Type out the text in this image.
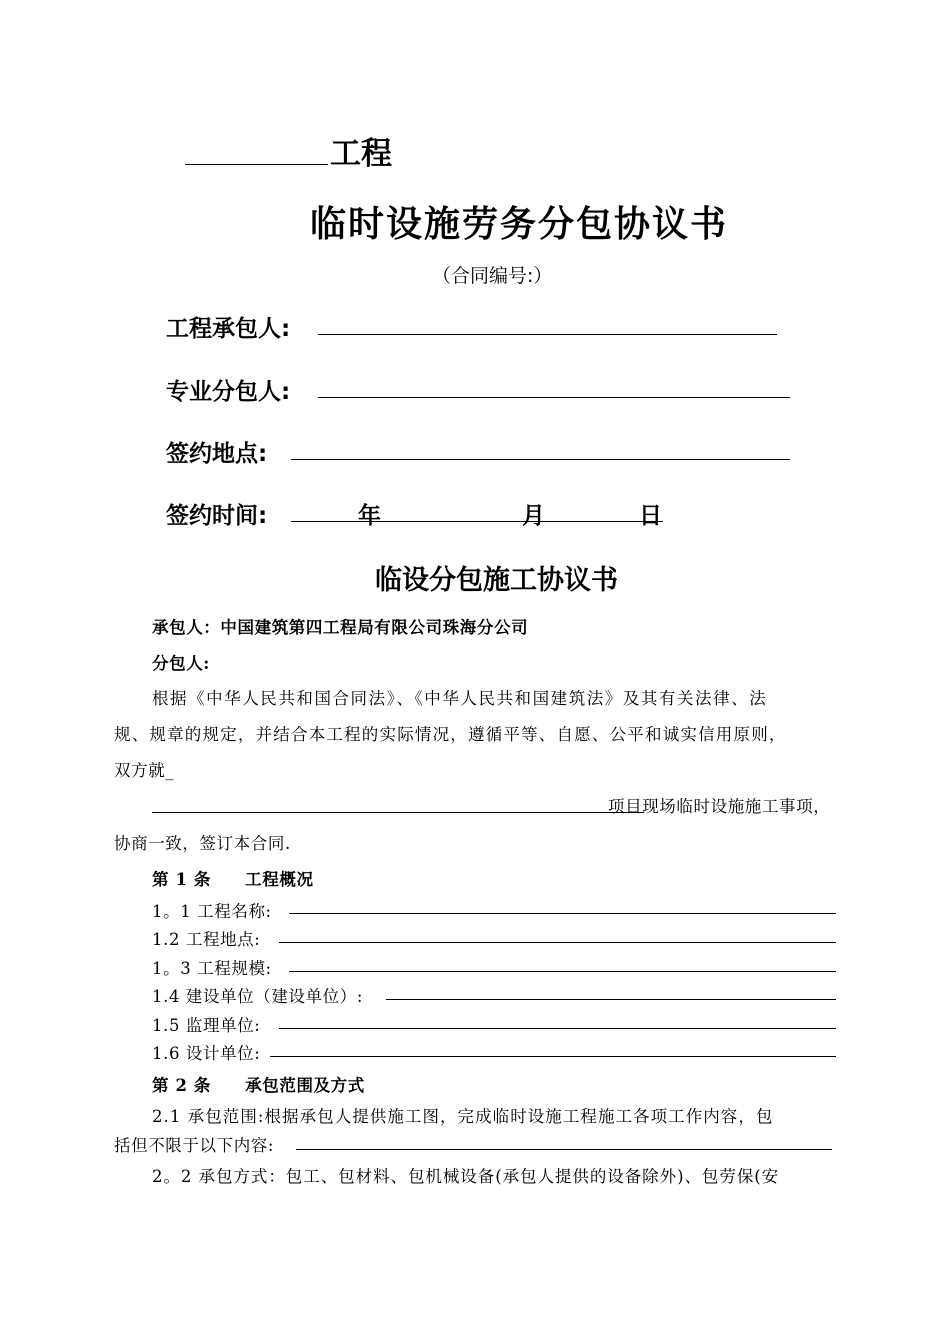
工程
临时设施劳务分包协议书
（合同编号:）
工程承包人:
专业分包人:
签约地点:
签约时间:	年	月	日
临设分包施工协议书
承包人：中国建筑第四工程局有限公司珠海分公司
分包人:
根据《中华人民共和国合同法》、《中华人民共和国建筑法》及其有关法律、法
规、规章的规定，并结合本工程的实际情况，遵循平等、自愿、公平和诚实信用原则，
双方就_
项目现场临时设施施工事项，
协商一致，签订本合同.
第 1 条　　工程概况
1。1 工程名称:
1.2 工程地点:
1。3 工程规模:
1.4 建设单位（建设单位）:
1.5 监理单位:
1.6 设计单位:
第 2 条　　承包范围及方式
2.1 承包范围:根据承包人提供施工图，完成临时设施工程施工各项工作内容，包
括但不限于以下内容:
2。2 承包方式：包工、包材料、包机械设备(承包人提供的设备除外)、包劳保(安
